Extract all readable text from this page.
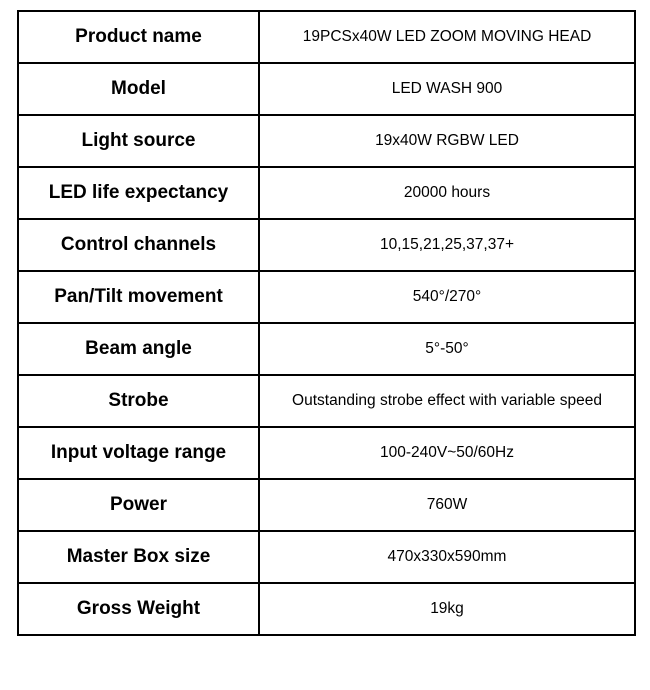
Product name	19PCSx40W LED ZOOM MOVING HEAD
Model	LED WASH 900
Light source	19x40W RGBW LED
LED life expectancy	20000 hours
Control channels	10,15,21,25,37,37+
Pan/Tilt movement	540°/270°
Beam angle	5°-50°
Strobe	Outstanding strobe effect with variable speed
Input voltage range	100-240V~50/60Hz
Power	760W
Master Box size	470x330x590mm
Gross Weight	19kg
